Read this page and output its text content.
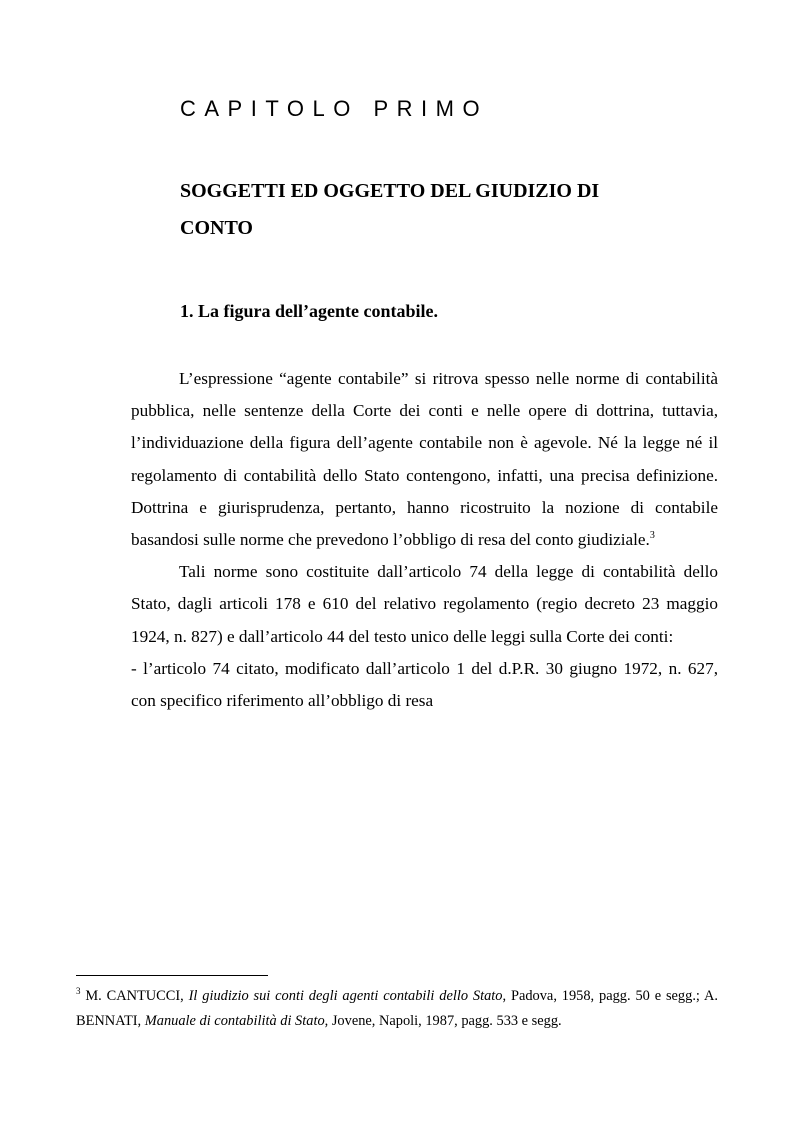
CAPITOLO PRIMO
SOGGETTI ED OGGETTO DEL GIUDIZIO DI
CONTO
1. La figura dell’agente contabile.

L’espressione “agente contabile” si ritrova spesso nelle norme di contabilità pubblica, nelle sentenze della Corte dei conti e nelle opere di dottrina, tuttavia, l’individuazione della figura dell’agente contabile non è agevole. Né la legge né il regolamento di contabilità dello Stato contengono, infatti, una precisa definizione. Dottrina e giurisprudenza, pertanto, hanno ricostruito la nozione di contabile basandosi sulle norme che prevedono l’obbligo di resa del conto giudiziale.$^3$

Tali norme sono costituite dall’articolo 74 della legge di contabilità dello Stato, dagli articoli 178 e 610 del relativo regolamento (regio decreto 23 maggio 1924, n. 827) e dall’articolo 44 del testo unico delle leggi sulla Corte dei conti:

- l’articolo 74 citato, modificato dall’articolo 1 del d.P.R. 30 giugno 1972, n. 627, con specifico riferimento all’obbligo di resa

$^3$ M. CANTUCCI, Il giudizio sui conti degli agenti contabili dello Stato, Padova, 1958, pagg. 50 e segg.; A. BENNATI, Manuale di contabilità di Stato, Jovene, Napoli, 1987, pagg. 533 e segg.
